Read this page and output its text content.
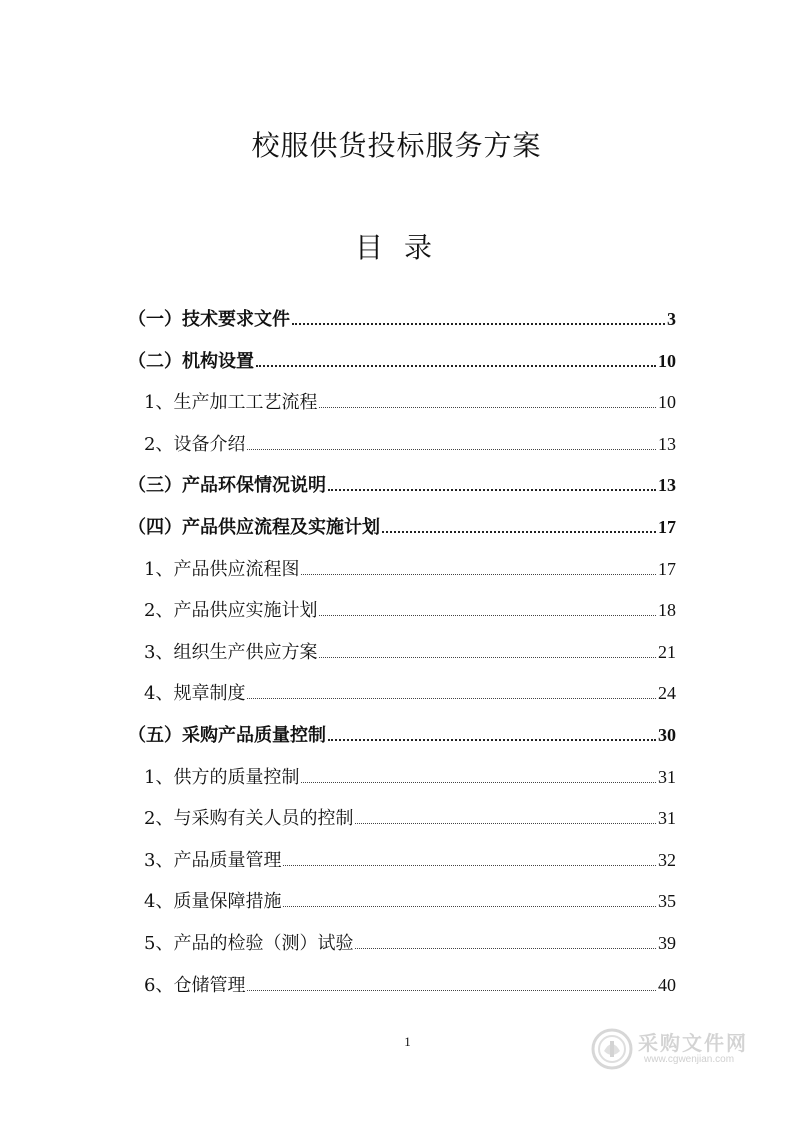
校服供货投标服务方案
目 录
（一）技术要求文件	3
（二）机构设置	10
1、生产加工工艺流程	10
2、设备介绍	13
（三）产品环保情况说明	13
（四）产品供应流程及实施计划	17
1、产品供应流程图	17
2、产品供应实施计划	18
3、组织生产供应方案	21
4、规章制度	24
（五）采购产品质量控制	30
1、供方的质量控制	31
2、与采购有关人员的控制	31
3、产品质量管理	32
4、质量保障措施	35
5、产品的检验（测）试验	39
6、仓储管理	40
1	采购文件网
www.cgwenjian.com
